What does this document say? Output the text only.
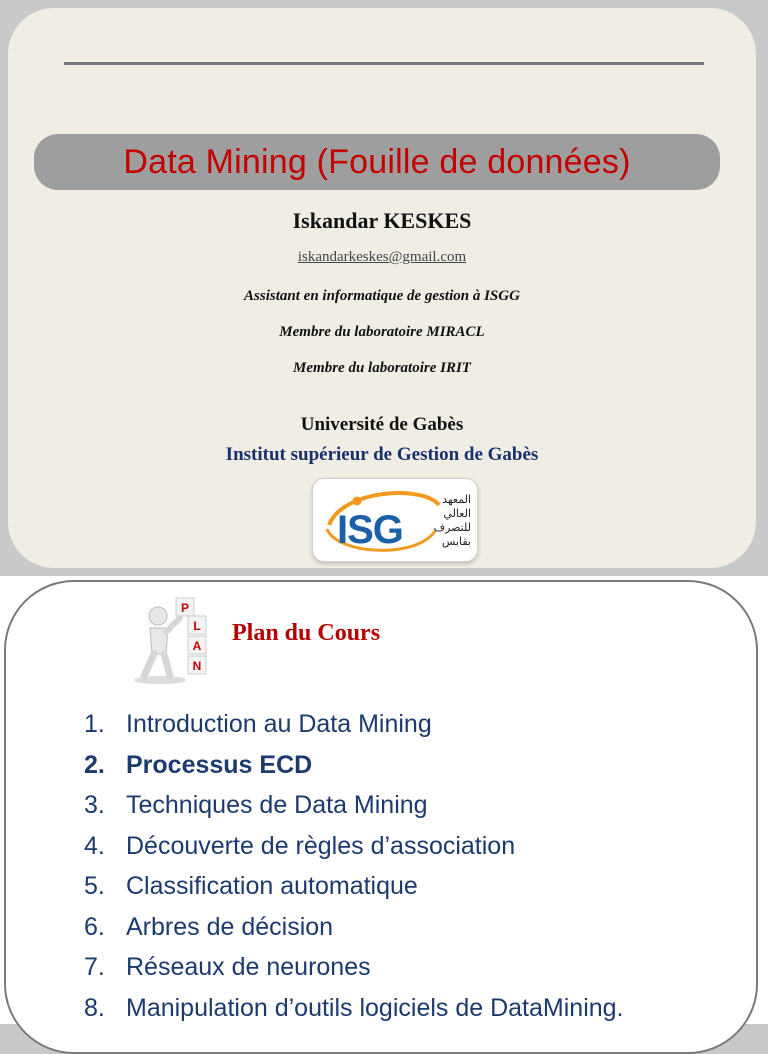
Data Mining (Fouille de données)
Iskandar KESKES
iskandarkeskes@gmail.com
Assistant en informatique de gestion à ISGG
Membre du laboratoire MIRACL
Membre du laboratoire IRIT
Université de Gabès
Institut supérieur de Gestion de Gabès
ISG
المعهد
العالي
للتصرف
بقابس
P
L
A
N
Plan du Cours
1. Introduction au Data Mining
2. Processus ECD
3. Techniques de Data Mining
4. Découverte de règles d’association
5. Classification automatique
6. Arbres de décision
7. Réseaux de neurones
8. Manipulation d’outils logiciels de DataMining.
